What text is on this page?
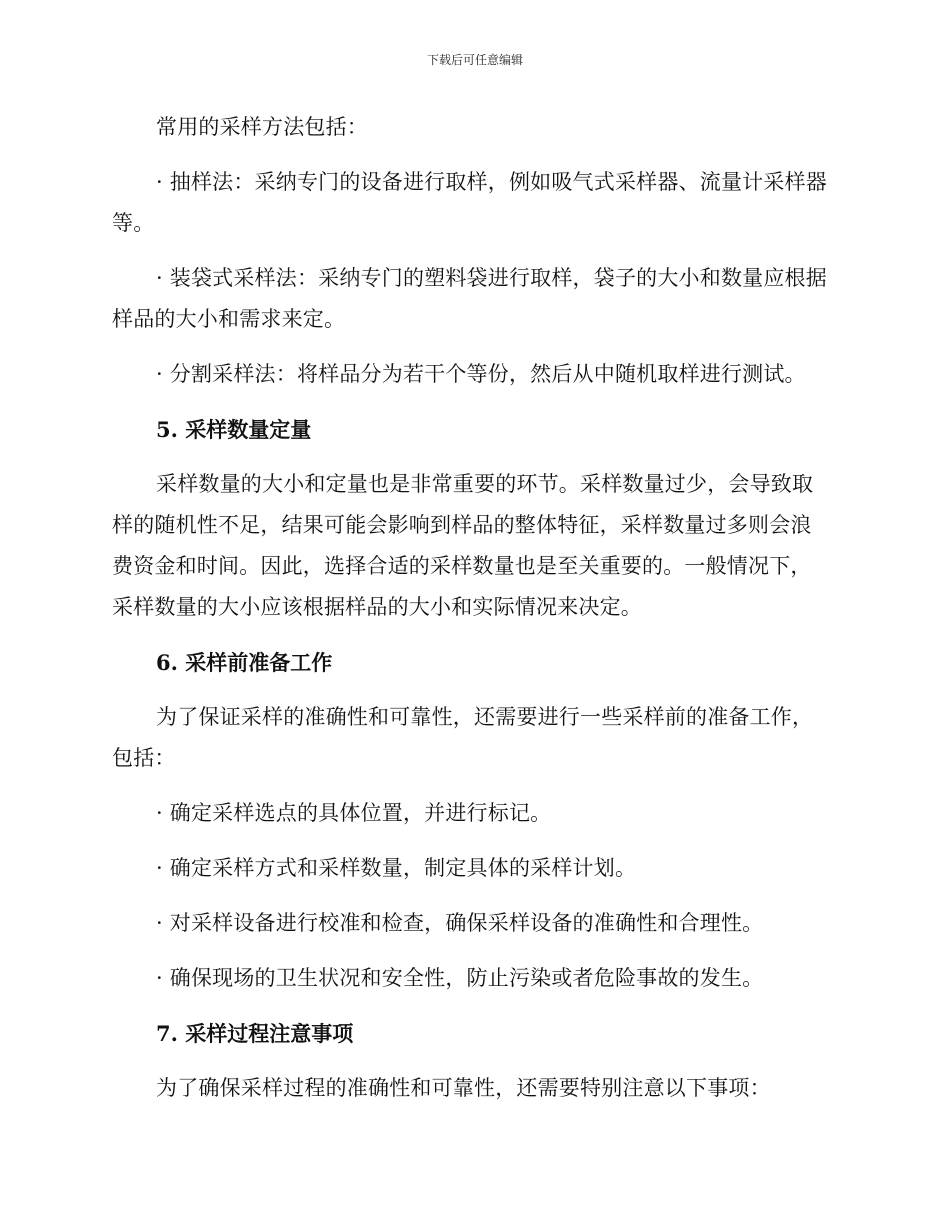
下载后可任意编辑

常用的采样方法包括：

· 抽样法：采纳专门的设备进行取样，例如吸气式采样器、流量计采样器等。

· 装袋式采样法：采纳专门的塑料袋进行取样，袋子的大小和数量应根据样品的大小和需求来定。

· 分割采样法：将样品分为若干个等份，然后从中随机取样进行测试。

5. 采样数量定量

采样数量的大小和定量也是非常重要的环节。采样数量过少，会导致取样的随机性不足，结果可能会影响到样品的整体特征，采样数量过多则会浪费资金和时间。因此，选择合适的采样数量也是至关重要的。一般情况下，采样数量的大小应该根据样品的大小和实际情况来决定。

6. 采样前准备工作

为了保证采样的准确性和可靠性，还需要进行一些采样前的准备工作，包括：

· 确定采样选点的具体位置，并进行标记。

· 确定采样方式和采样数量，制定具体的采样计划。

· 对采样设备进行校准和检查，确保采样设备的准确性和合理性。

· 确保现场的卫生状况和安全性，防止污染或者危险事故的发生。

7. 采样过程注意事项

为了确保采样过程的准确性和可靠性，还需要特别注意以下事项：
